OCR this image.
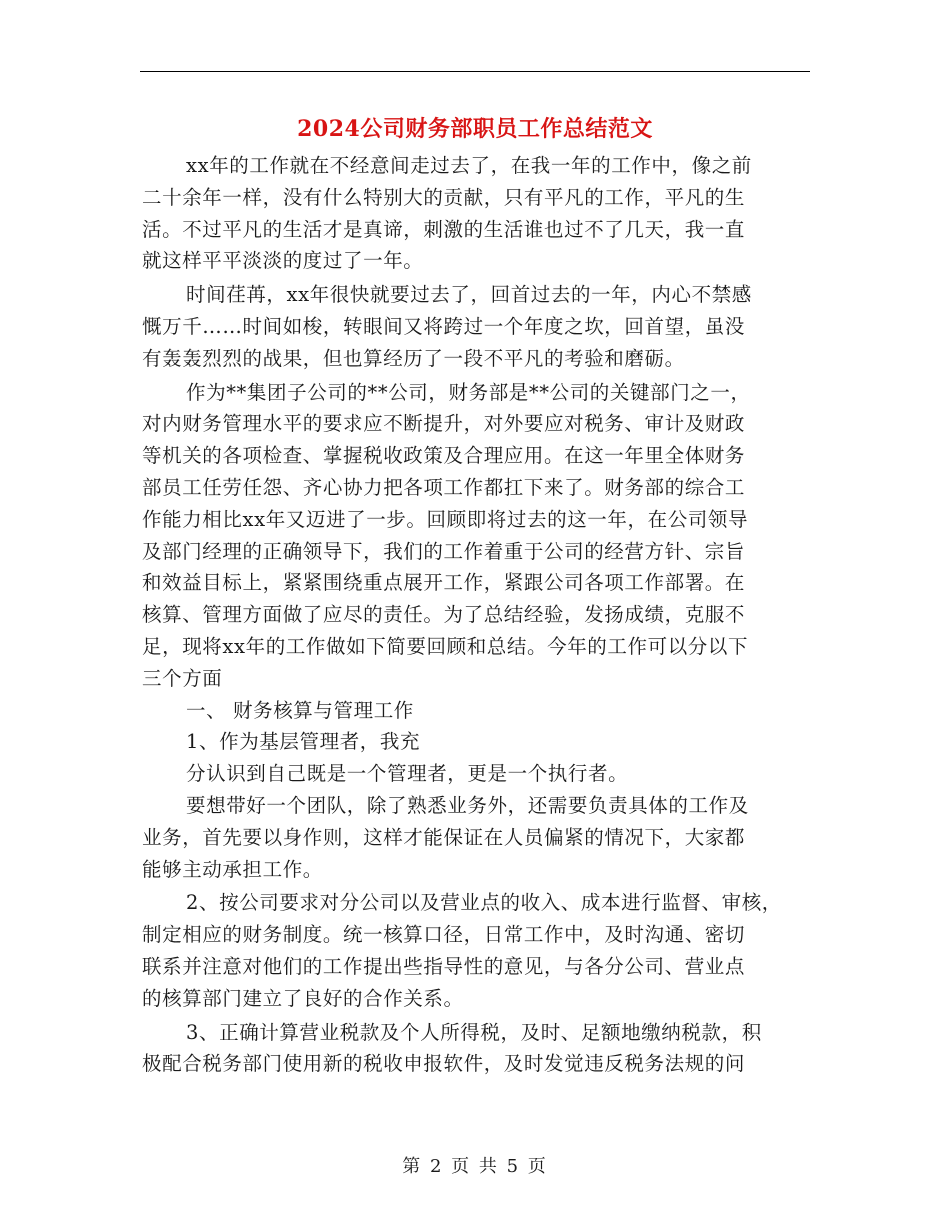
2024公司财务部职员工作总结范文
xx年的工作就在不经意间走过去了，在我一年的工作中，像之前
二十余年一样，没有什么特别大的贡献，只有平凡的工作，平凡的生
活。不过平凡的生活才是真谛，刺激的生活谁也过不了几天，我一直
就这样平平淡淡的度过了一年。
时间荏苒，xx年很快就要过去了，回首过去的一年，内心不禁感
慨万千……时间如梭，转眼间又将跨过一个年度之坎，回首望，虽没
有轰轰烈烈的战果，但也算经历了一段不平凡的考验和磨砺。
作为**集团子公司的**公司，财务部是**公司的关键部门之一，
对内财务管理水平的要求应不断提升，对外要应对税务、审计及财政
等机关的各项检查、掌握税收政策及合理应用。在这一年里全体财务
部员工任劳任怨、齐心协力把各项工作都扛下来了。财务部的综合工
作能力相比xx年又迈进了一步。回顾即将过去的这一年，在公司领导
及部门经理的正确领导下，我们的工作着重于公司的经营方针、宗旨
和效益目标上，紧紧围绕重点展开工作，紧跟公司各项工作部署。在
核算、管理方面做了应尽的责任。为了总结经验，发扬成绩，克服不
足，现将xx年的工作做如下简要回顾和总结。今年的工作可以分以下
三个方面
一、 财务核算与管理工作
1、作为基层管理者，我充
分认识到自己既是一个管理者，更是一个执行者。
要想带好一个团队，除了熟悉业务外，还需要负责具体的工作及
业务，首先要以身作则，这样才能保证在人员偏紧的情况下，大家都
能够主动承担工作。
2、按公司要求对分公司以及营业点的收入、成本进行监督、审核，
制定相应的财务制度。统一核算口径，日常工作中，及时沟通、密切
联系并注意对他们的工作提出些指导性的意见，与各分公司、营业点
的核算部门建立了良好的合作关系。
3、正确计算营业税款及个人所得税，及时、足额地缴纳税款，积
极配合税务部门使用新的税收申报软件，及时发觉违反税务法规的问
第 2 页 共 5 页
